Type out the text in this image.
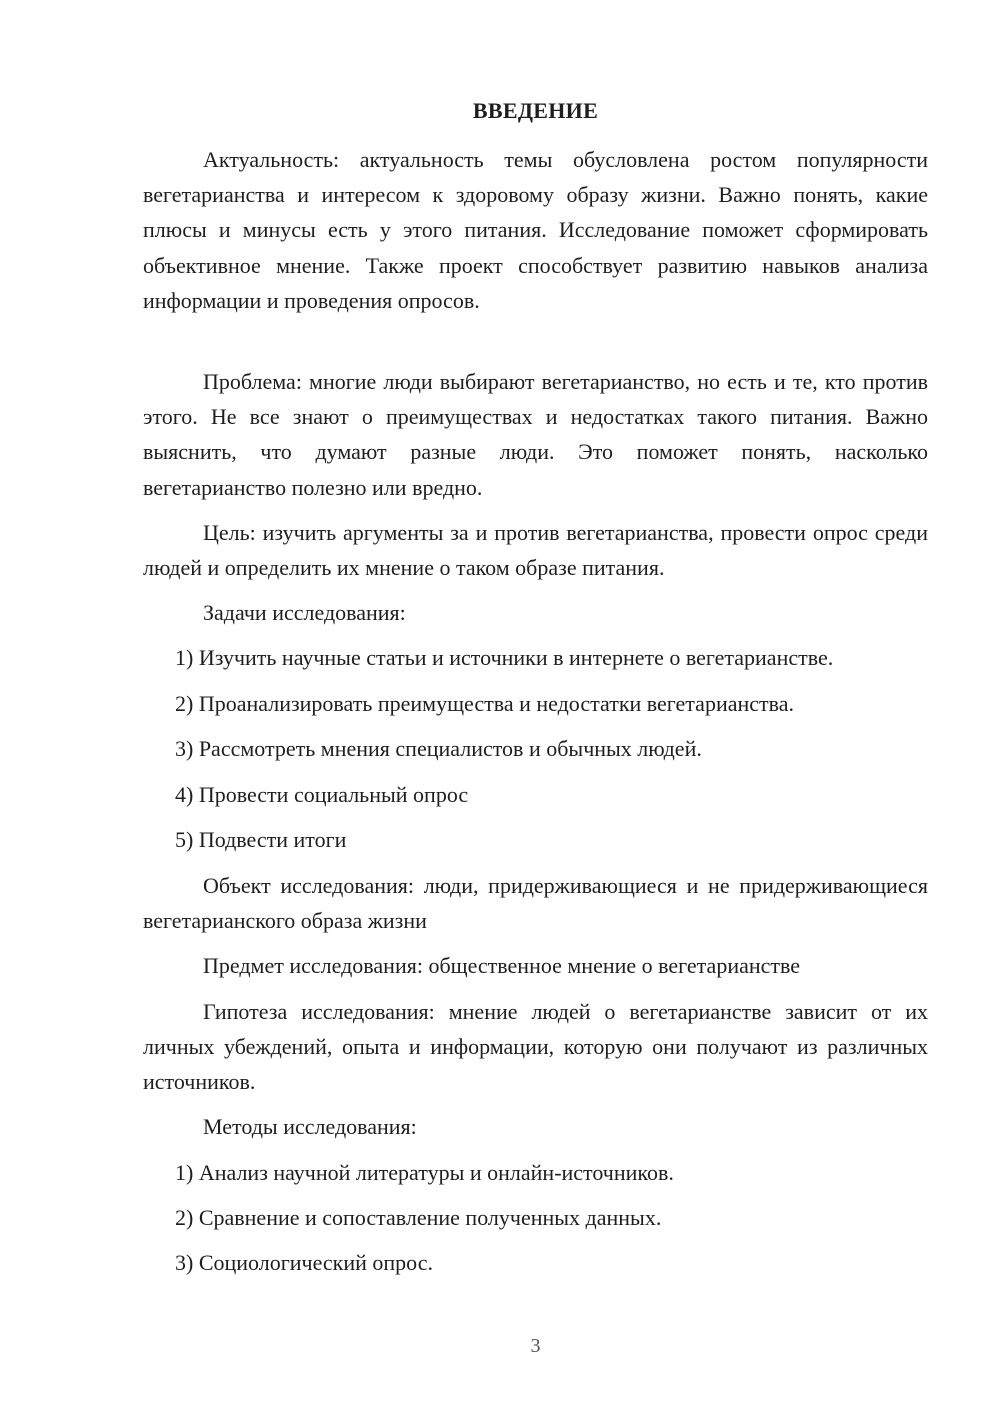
ВВЕДЕНИЕ

Актуальность: актуальность темы обусловлена ростом популярности вегетарианства и интересом к здоровому образу жизни. Важно понять, какие плюсы и минусы есть у этого питания. Исследование поможет сформировать объективное мнение. Также проект способствует развитию навыков анализа информации и проведения опросов.

Проблема: многие люди выбирают вегетарианство, но есть и те, кто против этого. Не все знают о преимуществах и недостатках такого питания. Важно выяснить, что думают разные люди. Это поможет понять, насколько вегетарианство полезно или вредно.

Цель: изучить аргументы за и против вегетарианства, провести опрос среди людей и определить их мнение о таком образе питания.

Задачи исследования:
1) Изучить научные статьи и источники в интернете о вегетарианстве.
2) Проанализировать преимущества и недостатки вегетарианства.
3) Рассмотреть мнения специалистов и обычных людей.
4) Провести социальный опрос
5) Подвести итоги

Объект исследования: люди, придерживающиеся и не придерживающиеся вегетарианского образа жизни

Предмет исследования: общественное мнение о вегетарианстве

Гипотеза исследования: мнение людей о вегетарианстве зависит от их личных убеждений, опыта и информации, которую они получают из различных источников.

Методы исследования:
1) Анализ научной литературы и онлайн-источников.
2) Сравнение и сопоставление полученных данных.
3) Социологический опрос.
3
